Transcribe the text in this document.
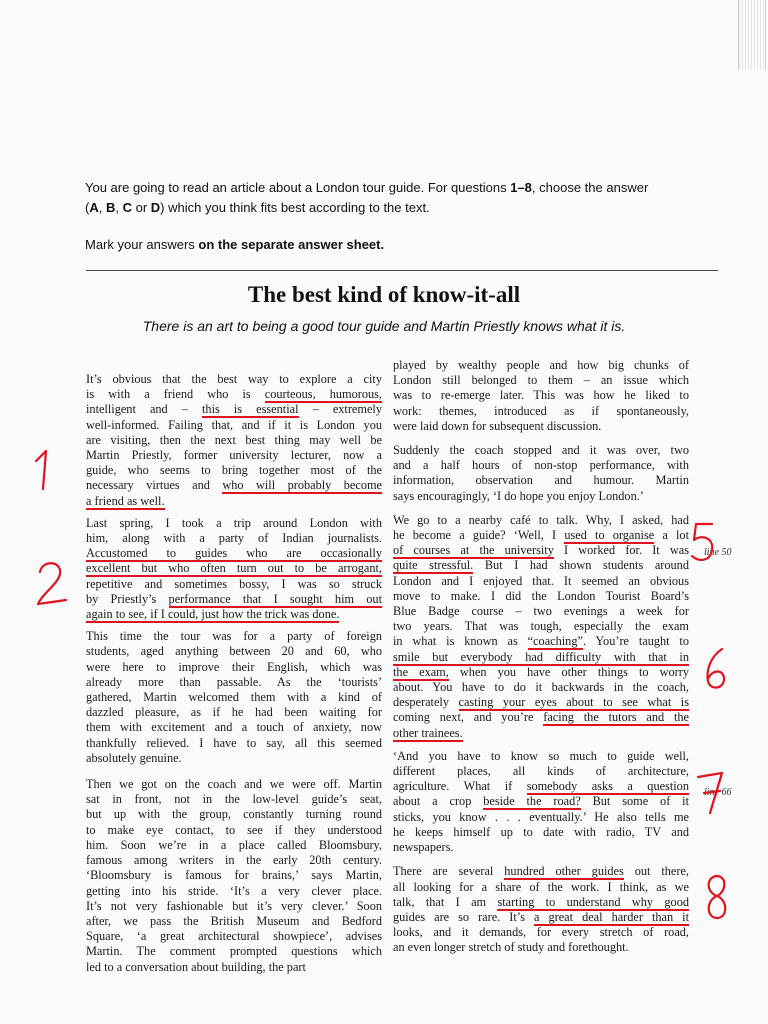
You are going to read an article about a London tour guide. For questions 1–8, choose the answer
(A, B, C or D) which you think fits best according to the text.
Mark your answers on the separate answer sheet.
The best kind of know-it-all
There is an art to being a good tour guide and Martin Priestly knows what it is.

It’s obvious that the best way to explore a city
is with a friend who is courteous, humorous,
intelligent and – this is essential – extremely
well-informed. Failing that, and if it is London you
are visiting, then the next best thing may well be
Martin Priestly, former university lecturer, now a
guide, who seems to bring together most of the
necessary virtues and who will probably become
a friend as well.

Last spring, I took a trip around London with
him, along with a party of Indian journalists.
Accustomed to guides who are occasionally
excellent but who often turn out to be arrogant,
repetitive and sometimes bossy, I was so struck
by Priestly’s performance that I sought him out
again to see, if I could, just how the trick was done.

This time the tour was for a party of foreign
students, aged anything between 20 and 60, who
were here to improve their English, which was
already more than passable. As the ‘tourists’
gathered, Martin welcomed them with a kind of
dazzled pleasure, as if he had been waiting for
them with excitement and a touch of anxiety, now
thankfully relieved. I have to say, all this seemed
absolutely genuine.

Then we got on the coach and we were off. Martin
sat in front, not in the low-level guide’s seat,
but up with the group, constantly turning round
to make eye contact, to see if they understood
him. Soon we’re in a place called Bloomsbury,
famous among writers in the early 20th century.
‘Bloomsbury is famous for brains,’ says Martin,
getting into his stride. ‘It’s a very clever place.
It’s not very fashionable but it’s very clever.’ Soon
after, we pass the British Museum and Bedford
Square, ‘a great architectural showpiece’, advises
Martin. The comment prompted questions which
led to a conversation about building, the part

played by wealthy people and how big chunks of
London still belonged to them – an issue which
was to re-emerge later. This was how he liked to
work: themes, introduced as if spontaneously,
were laid down for subsequent discussion.

Suddenly the coach stopped and it was over, two
and a half hours of non-stop performance, with
information, observation and humour. Martin
says encouragingly, ‘I do hope you enjoy London.’

We go to a nearby café to talk. Why, I asked, had
he become a guide? ‘Well, I used to organise a lot
of courses at the university I worked for. It was
quite stressful. But I had shown students around
London and I enjoyed that. It seemed an obvious
move to make. I did the London Tourist Board’s
Blue Badge course – two evenings a week for
two years. That was tough, especially the exam
in what is known as “coaching”. You’re taught to
smile but everybody had difficulty with that in
the exam, when you have other things to worry
about. You have to do it backwards in the coach,
desperately casting your eyes about to see what is
coming next, and you’re facing the tutors and the
other trainees.

‘And you have to know so much to guide well,
different places, all kinds of architecture,
agriculture. What if somebody asks a question
about a crop beside the road? But some of it
sticks, you know . . . eventually.’ He also tells me
he keeps himself up to date with radio, TV and
newspapers.

There are several hundred other guides out there,
all looking for a share of the work. I think, as we
talk, that I am starting to understand why good
guides are so rare. It’s a great deal harder than it
looks, and it demands, for every stretch of road,
an even longer stretch of study and forethought.

line 50
line 66
